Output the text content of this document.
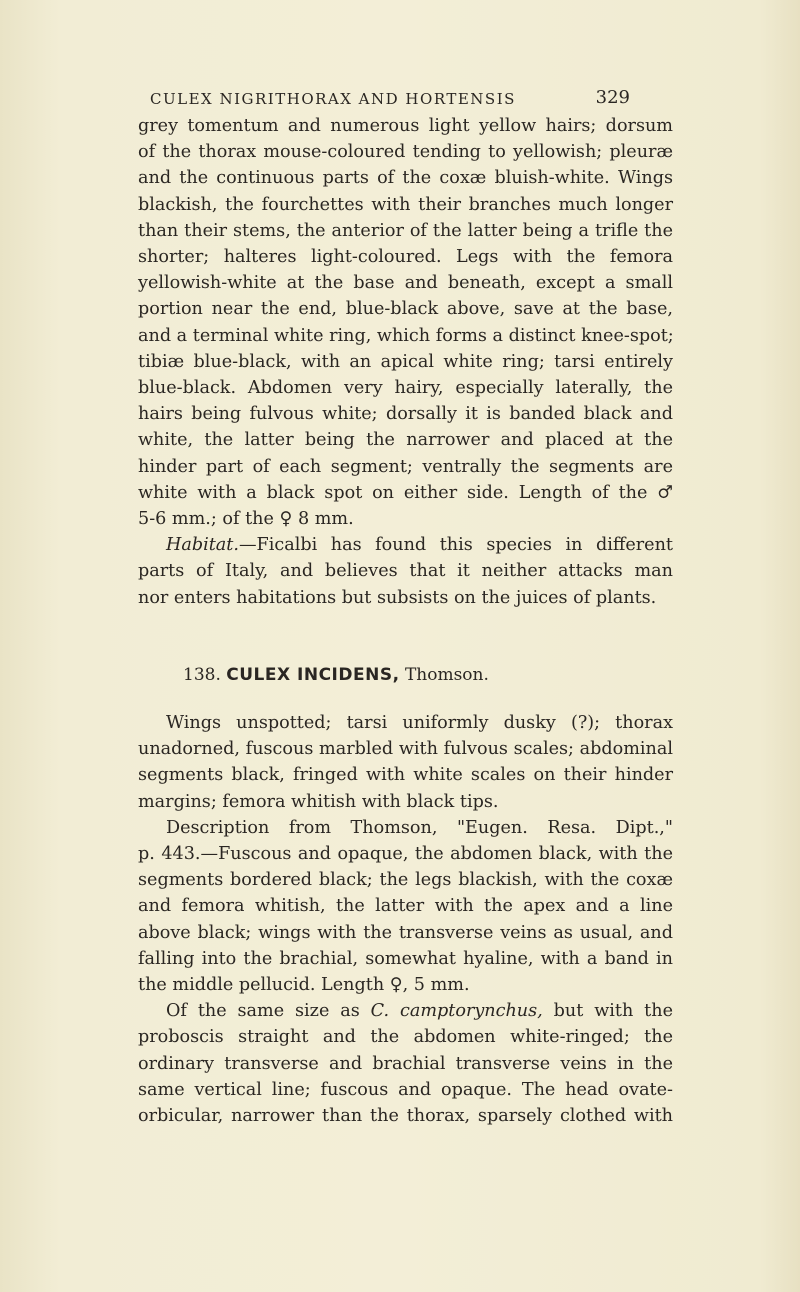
CULEX NIGRITHORAX AND HORTENSIS	329
grey tomentum and numerous light yellow hairs; dorsum
of the thorax mouse-coloured tending to yellowish; pleuræ
and the continuous parts of the coxæ bluish-white. Wings
blackish, the fourchettes with their branches much longer
than their stems, the anterior of the latter being a trifle the
shorter; halteres light-coloured. Legs with the femora
yellowish-white at the base and beneath, except a small
portion near the end, blue-black above, save at the base,
and a terminal white ring, which forms a distinct knee-spot;
tibiæ blue-black, with an apical white ring; tarsi entirely
blue-black. Abdomen very hairy, especially laterally, the
hairs being fulvous white; dorsally it is banded black and
white, the latter being the narrower and placed at the
hinder part of each segment; ventrally the segments are
white with a black spot on either side. Length of the ♂
5-6 mm.; of the ♀ 8 mm.
Habitat.—Ficalbi has found this species in different
parts of Italy, and believes that it neither attacks man
nor enters habitations but subsists on the juices of plants.
138. CULEX INCIDENS, Thomson.
Wings unspotted; tarsi uniformly dusky (?); thorax
unadorned, fuscous marbled with fulvous scales; abdominal
segments black, fringed with white scales on their hinder
margins; femora whitish with black tips.
Description from Thomson, "Eugen. Resa. Dipt.,"
p. 443.—Fuscous and opaque, the abdomen black, with the
segments bordered black; the legs blackish, with the coxæ
and femora whitish, the latter with the apex and a line
above black; wings with the transverse veins as usual, and
falling into the brachial, somewhat hyaline, with a band in
the middle pellucid. Length ♀, 5 mm.
Of the same size as C. camptorynchus, but with the
proboscis straight and the abdomen white-ringed; the
ordinary transverse and brachial transverse veins in the
same vertical line; fuscous and opaque. The head ovate-
orbicular, narrower than the thorax, sparsely clothed with
